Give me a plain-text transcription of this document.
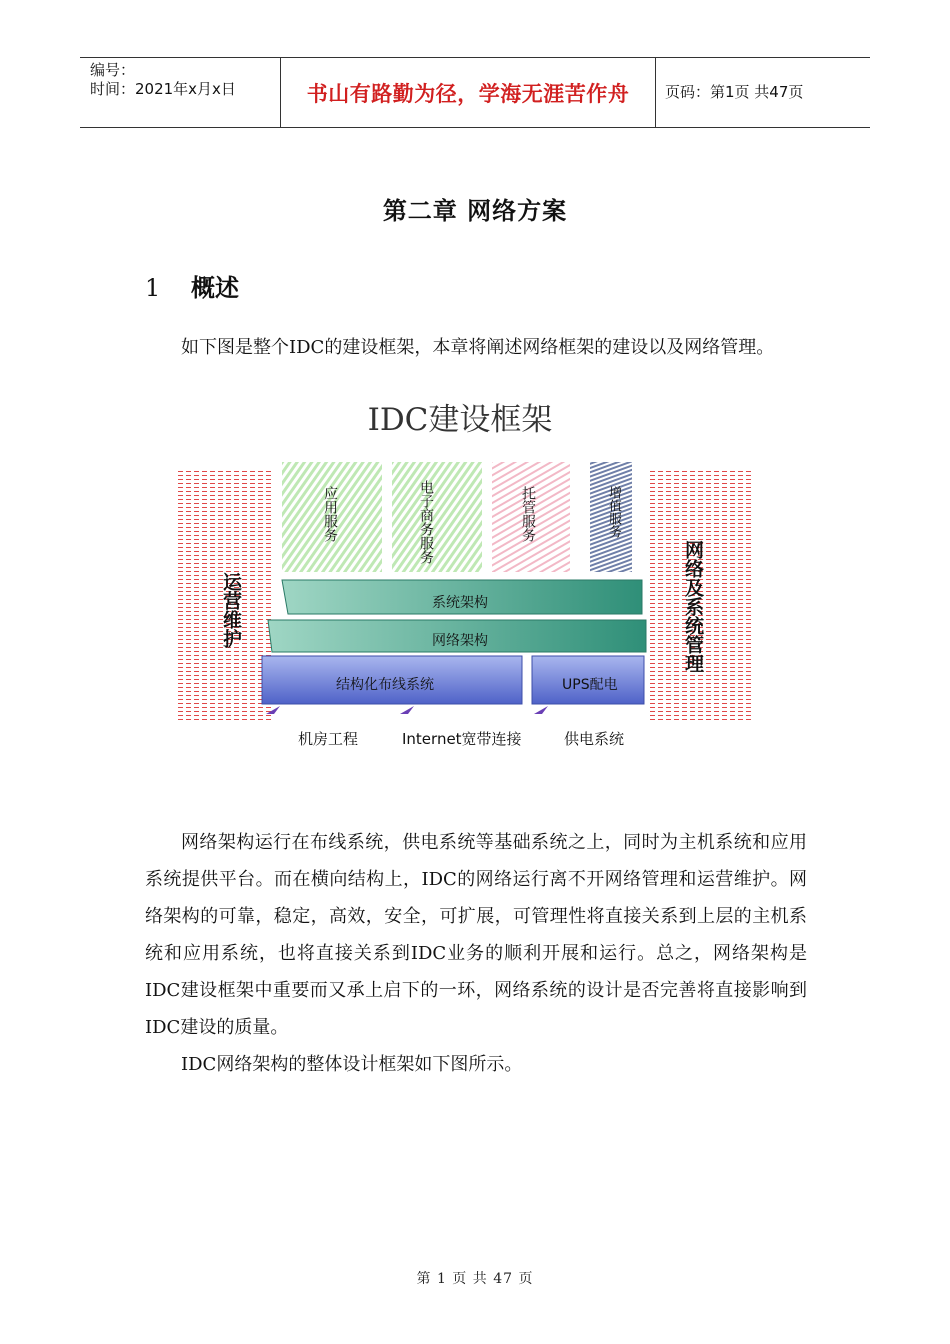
编号：
时间：2021年x月x日	书山有路勤为径，学海无涯苦作舟	页码：第1页 共47页
第二章 网络方案
1 概述
如下图是整个IDC的建设框架，本章将阐述网络框架的建设以及网络管理。
IDC建设框架
应用服务	电子商务服务	托管服务	增值服务
系统架构
网络架构
结构化布线系统	UPS配电
运营维护	网络及系统管理
机房工程	Internet宽带连接	供电系统
网络架构运行在布线系统，供电系统等基础系统之上，同时为主机系统和应用系统提供平台。而在横向结构上，IDC的网络运行离不开网络管理和运营维护。网络架构的可靠，稳定，高效，安全，可扩展，可管理性将直接关系到上层的主机系统和应用系统，也将直接关系到IDC业务的顺利开展和运行。总之，网络架构是IDC建设框架中重要而又承上启下的一环，网络系统的设计是否完善将直接影响到IDC建设的质量。
IDC网络架构的整体设计框架如下图所示。
第 1 页 共 47 页
